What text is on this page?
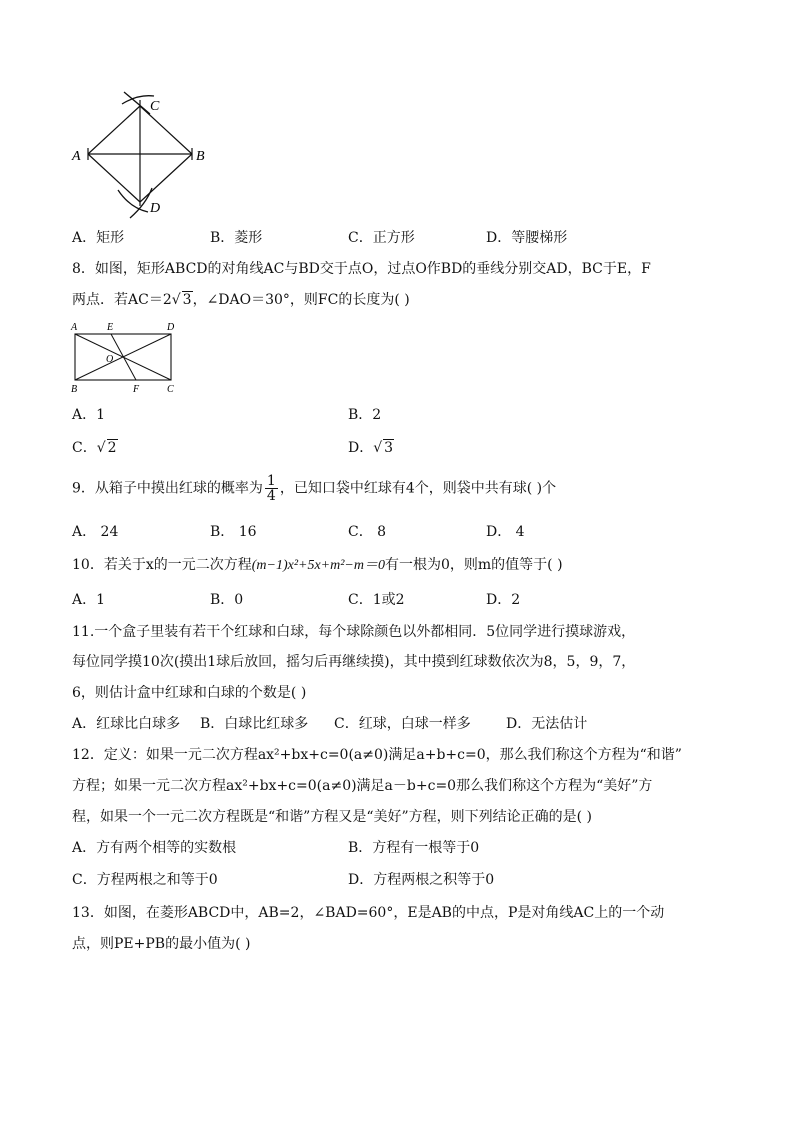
C
A	B
D
A．矩形	B．菱形	C．正方形	D．等腰梯形
8．如图，矩形ABCD的对角线AC与BD交于点O，过点O作BD的垂线分别交AD，BC于E，F
两点．若AC＝2√ 3，∠DAO＝30°，则FC的长度为( )
A	E	D
O
B	F	C
A．1	B．2
C．√ 2	D．√ 3
9．从箱子中摸出红球的概率为 $\frac{1}{4}$ ，已知口袋中红球有4个，则袋中共有球( )个
A． 24	B． 16	C． 8	D． 4
10．若关于x的一元二次方程(m−1)x²+5x+m²−m＝0有一根为0，则m的值等于( )
A．1	B．0	C．1或2	D．2
11.一个盒子里装有若干个红球和白球，每个球除颜色以外都相同．5位同学进行摸球游戏，
每位同学摸10次(摸出1球后放回，摇匀后再继续摸)，其中摸到红球数依次为8，5，9，7，
6，则估计盒中红球和白球的个数是( )
A．红球比白球多 B．白球比红球多 C．红球，白球一样多	D．无法估计
12．定义：如果一元二次方程ax²+bx+c=0(a≠0)满足a+b+c=0，那么我们称这个方程为“和谐”
方程；如果一元二次方程ax²+bx+c=0(a≠0)满足a－b+c=0那么我们称这个方程为“美好”方
程，如果一个一元二次方程既是“和谐”方程又是“美好”方程，则下列结论正确的是( )
A．方有两个相等的实数根	B．方程有一根等于0
C．方程两根之和等于0	D．方程两根之积等于0
13．如图，在菱形ABCD中，AB=2，∠BAD=60°，E是AB的中点，P是对角线AC上的一个动
点，则PE+PB的最小值为( )
